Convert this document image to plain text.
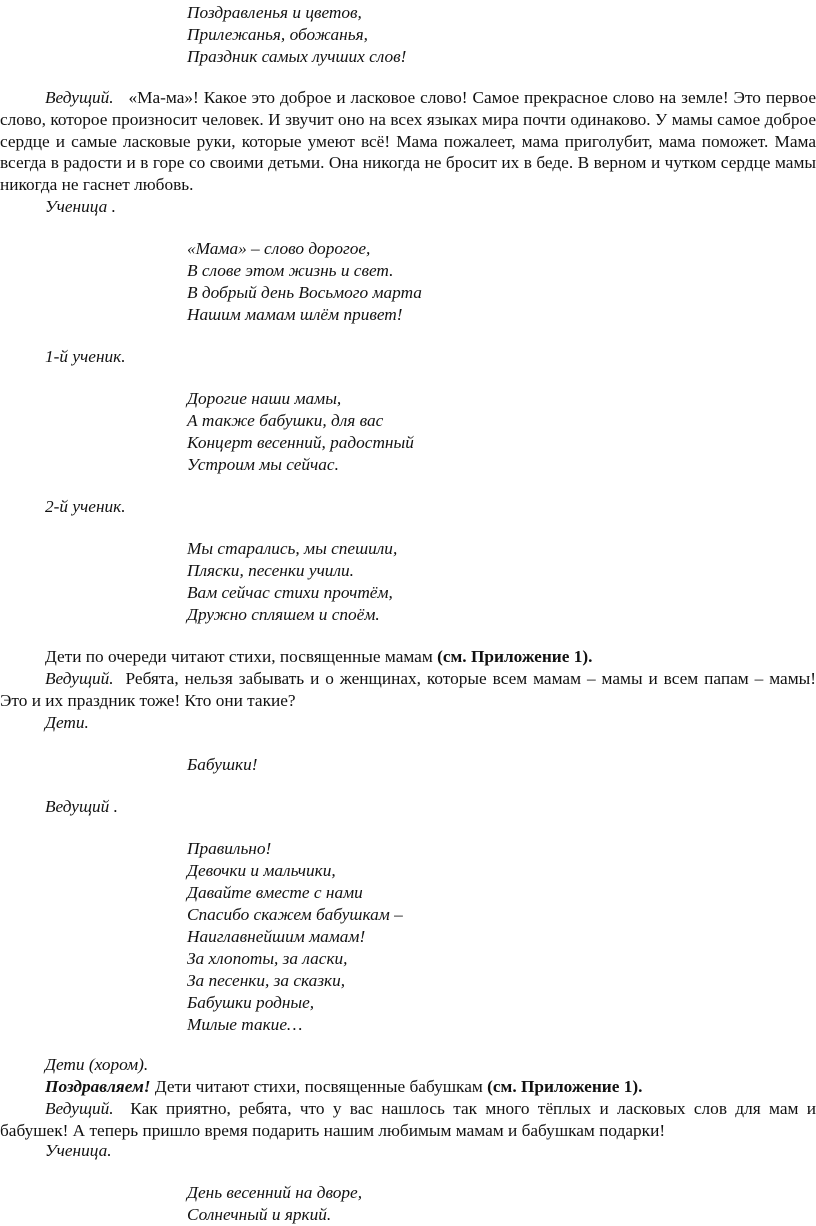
Поздравленья и цветов,
Прилежанья, обожанья,
Праздник самых лучших слов!
Ведущий. «Ма-ма»! Какое это доброе и ласковое слово! Самое прекрасное слово на земле! Это первое слово, которое произносит человек. И звучит оно на всех языках мира почти одинаково. У мамы самое доброе сердце и самые ласковые руки, которые умеют всё! Мама пожалеет, мама приголубит, мама поможет. Мама всегда в радости и в горе со своими детьми. Она никогда не бросит их в беде. В верном и чутком сердце мамы никогда не гаснет любовь.
Ученица .
«Мама» – слово дорогое,
В слове этом жизнь и свет.
В добрый день Восьмого марта
Нашим мамам шлём привет!
1-й ученик.
Дорогие наши мамы,
А также бабушки, для вас
Концерт весенний, радостный
Устроим мы сейчас.
2-й ученик.
Мы старались, мы спешили,
Пляски, песенки учили.
Вам сейчас стихи прочтём,
Дружно спляшем и споём.
Дети по очереди читают стихи, посвященные мамам (см. Приложение 1).
Ведущий. Ребята, нельзя забывать и о женщинах, которые всем мамам – мамы и всем папам – мамы! Это и их праздник тоже! Кто они такие?
Дети.
Бабушки!
Ведущий .
Правильно!
Девочки и мальчики,
Давайте вместе с нами
Спасибо скажем бабушкам –
Наиглавнейшим мамам!
За хлопоты, за ласки,
За песенки, за сказки,
Бабушки родные,
Милые такие…
Дети (хором).
Поздравляем! Дети читают стихи, посвященные бабушкам (см. Приложение 1).
Ведущий. Как приятно, ребята, что у вас нашлось так много тёплых и ласковых слов для мам и бабушек! А теперь пришло время подарить нашим любимым мамам и бабушкам подарки!
Ученица.
День весенний на дворе,
Солнечный и яркий.
